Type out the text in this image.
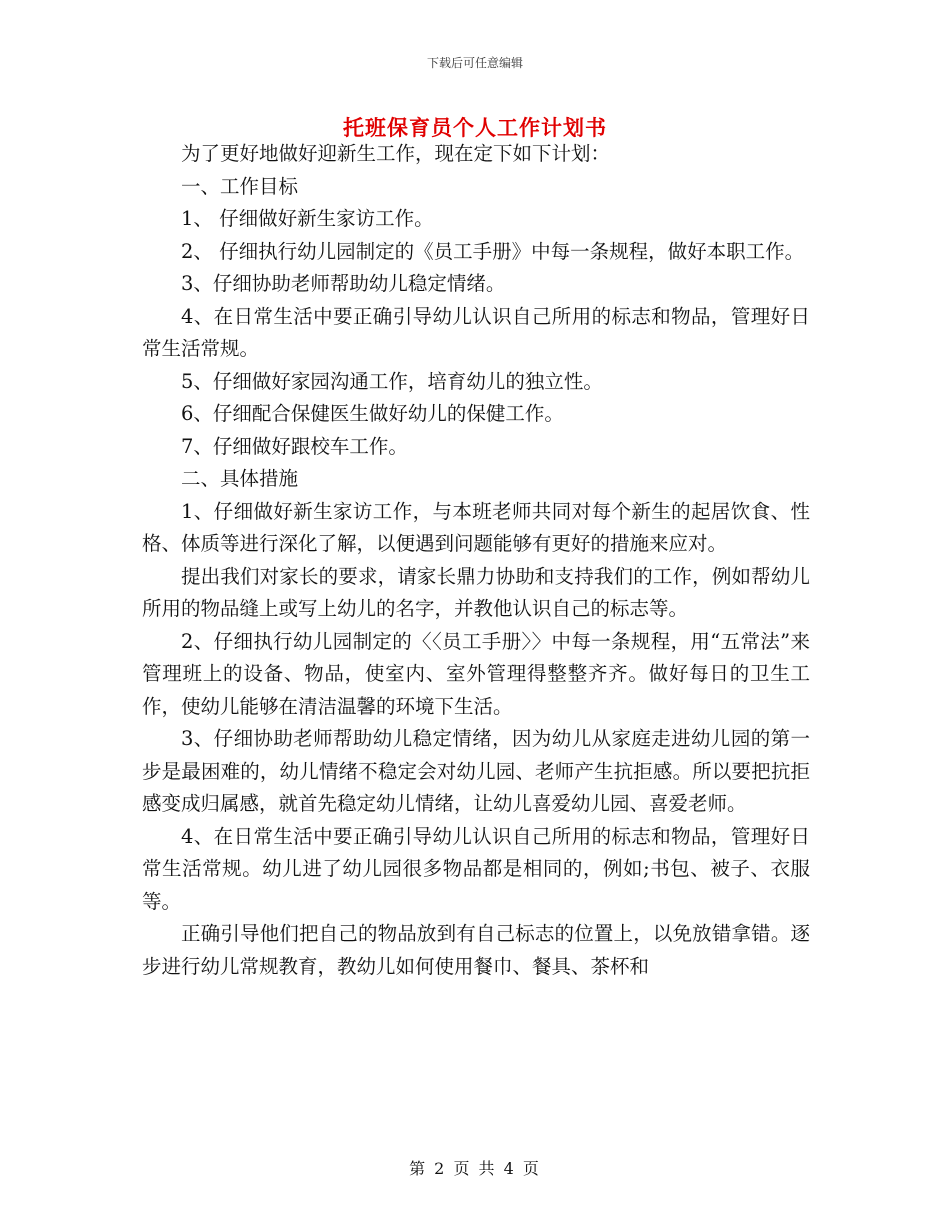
下载后可任意编辑
托班保育员个人工作计划书

为了更好地做好迎新生工作，现在定下如下计划：

一、工作目标

1、 仔细做好新生家访工作。

2、 仔细执行幼儿园制定的《员工手册》中每一条规程，做好本职工作。

3、仔细协助老师帮助幼儿稳定情绪。

4、在日常生活中要正确引导幼儿认识自己所用的标志和物品，管理好日常生活常规。

5、仔细做好家园沟通工作，培育幼儿的独立性。

6、仔细配合保健医生做好幼儿的保健工作。

7、仔细做好跟校车工作。

二、具体措施

1、仔细做好新生家访工作，与本班老师共同对每个新生的起居饮食、性格、体质等进行深化了解，以便遇到问题能够有更好的措施来应对。

提出我们对家长的要求，请家长鼎力协助和支持我们的工作，例如帮幼儿所用的物品缝上或写上幼儿的名字，并教他认识自己的标志等。

2、仔细执行幼儿园制定的〈〈员工手册〉〉中每一条规程，用“五常法”来管理班上的设备、物品，使室内、室外管理得整整齐齐。做好每日的卫生工作，使幼儿能够在清洁温馨的环境下生活。

3、仔细协助老师帮助幼儿稳定情绪，因为幼儿从家庭走进幼儿园的第一步是最困难的，幼儿情绪不稳定会对幼儿园、老师产生抗拒感。所以要把抗拒感变成归属感，就首先稳定幼儿情绪，让幼儿喜爱幼儿园、喜爱老师。

4、在日常生活中要正确引导幼儿认识自己所用的标志和物品，管理好日常生活常规。幼儿进了幼儿园很多物品都是相同的，例如;书包、被子、衣服等。

正确引导他们把自己的物品放到有自己标志的位置上，以免放错拿错。逐步进行幼儿常规教育，教幼儿如何使用餐巾、餐具、茶杯和

第 2 页 共 4 页
